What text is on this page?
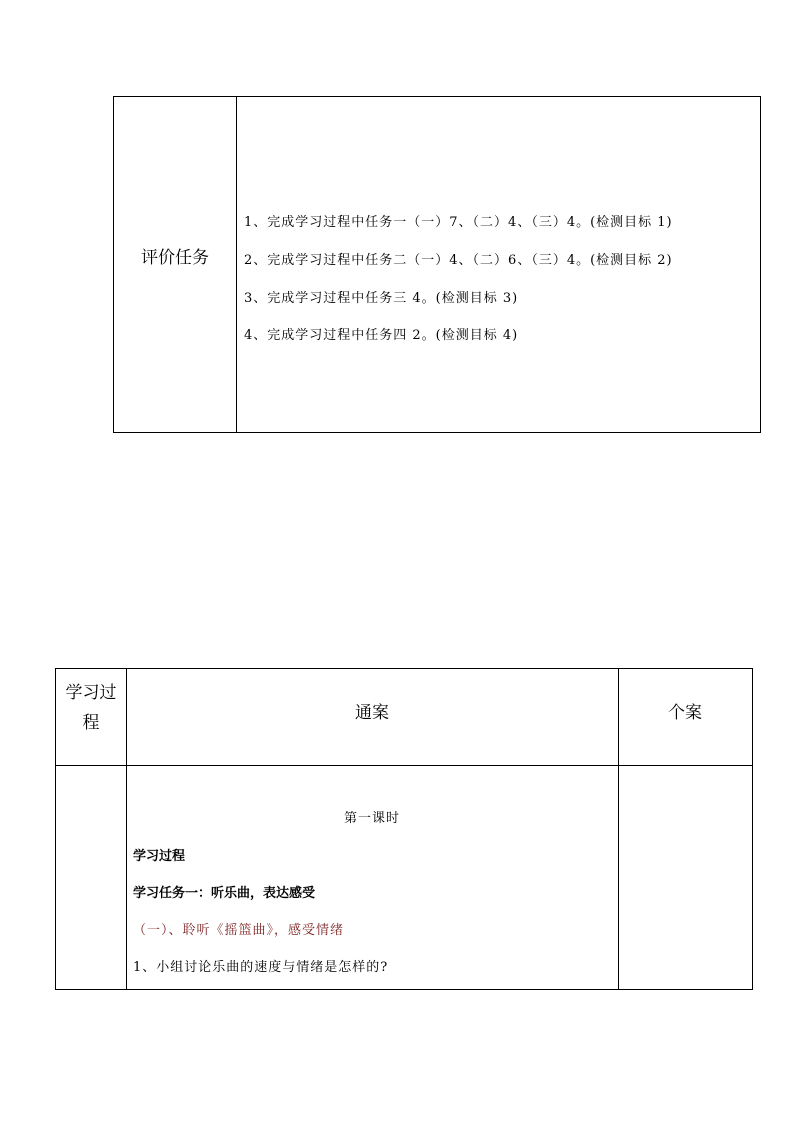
评价任务
1、完成学习过程中任务一（一）7、（二）4、（三）4。(检测目标 1)
2、完成学习过程中任务二（一）4、（二）6、（三）4。(检测目标 2)
3、完成学习过程中任务三 4。(检测目标 3)
4、完成学习过程中任务四 2。(检测目标 4)
学习过
程	通案	个案
第一课时
学习过程
学习任务一：听乐曲，表达感受
（一）、聆听《摇篮曲》，感受情绪
1、小组讨论乐曲的速度与情绪是怎样的?
